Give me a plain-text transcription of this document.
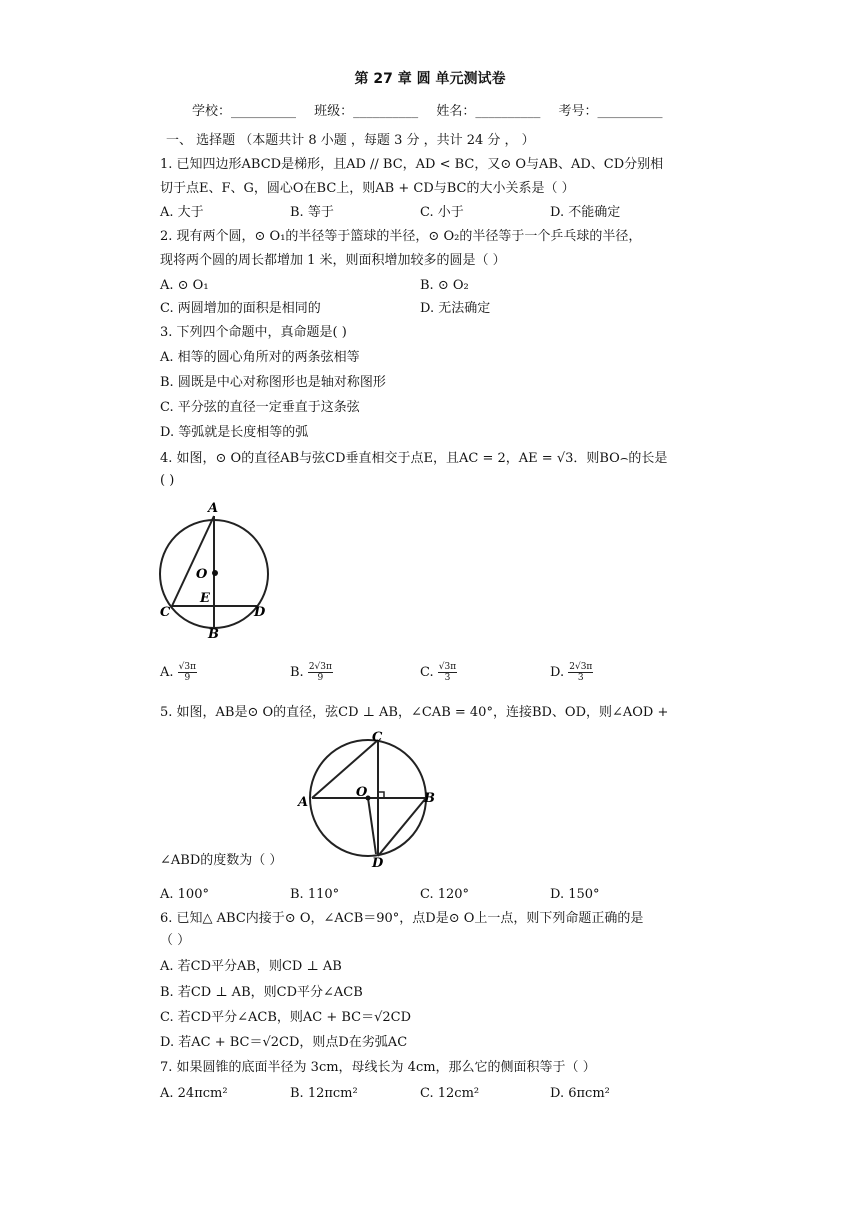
第 27 章 圆 单元测试卷
学校：__________ 班级：__________ 姓名：__________ 考号：__________
一、 选择题 （本题共计 8 小题 ，每题 3 分 ，共计 24 分 ， ）
1. 已知四边形ABCD是梯形，且AD // BC，AD < BC，又⊙ O与AB、AD、CD分别相
切于点E、F、G，圆心O在BC上，则AB + CD与BC的大小关系是（ ）
A. 大于	B. 等于	C. 小于	D. 不能确定
2. 现有两个圆，⊙ O₁的半径等于篮球的半径，⊙ O₂的半径等于一个乒乓球的半径，
现将两个圆的周长都增加 1 米，则面积增加较多的圆是（ ）
A. ⊙ O₁	B. ⊙ O₂
C. 两圆增加的面积是相同的	D. 无法确定
3. 下列四个命题中，真命题是( )
A. 相等的圆心角所对的两条弦相等
B. 圆既是中心对称图形也是轴对称图形
C. 平分弦的直径一定垂直于这条弦
D. 等弧就是长度相等的弧
4. 如图，⊙ O的直径AB与弦CD垂直相交于点E，且AC = 2，AE = √3．则BO⌢的长是
( )
A
O
E
C	D
B
A. $\frac{√3\pi}{9}$	B. $\frac{2√3\pi}{9}$	C. $\frac{√3\pi}{3}$	D. $\frac{2√3\pi}{3}$
5. 如图，AB是⊙ O的直径，弦CD ⊥ AB，∠CAB = 40°，连接BD、OD，则∠AOD +
C
A
O	B
D
∠ABD的度数为（ ）
A. 100°	B. 110°	C. 120°	D. 150°
6. 已知△ ABC内接于⊙ O，∠ACB＝90°，点D是⊙ O上一点，则下列命题正确的是
（ ）
A. 若CD平分AB，则CD ⊥ AB
B. 若CD ⊥ AB，则CD平分∠ACB
C. 若CD平分∠ACB，则AC + BC＝√2CD
D. 若AC + BC＝√2CD，则点D在劣弧AC
7. 如果圆锥的底面半径为 3cm，母线长为 4cm，那么它的侧面积等于（ ）
A. 24πcm²	B. 12πcm²	C. 12cm²	D. 6πcm²
